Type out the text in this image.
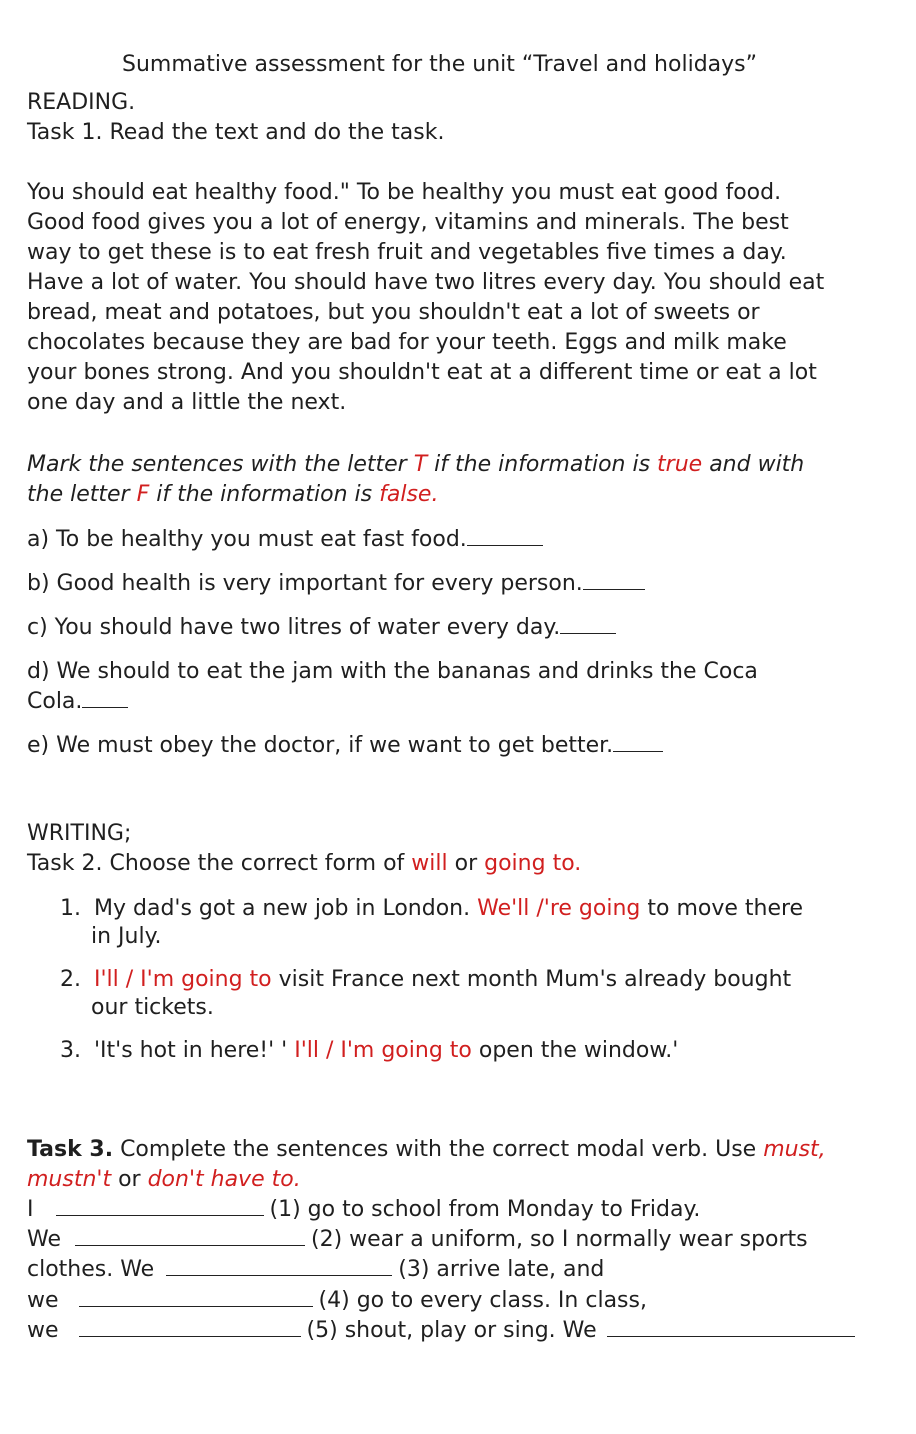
Summative assessment for the unit “Travel and holidays”
READING.
Task 1. Read the text and do the task.
You should eat healthy food." To be healthy you must eat good food.
Good food gives you a lot of energy, vitamins and minerals. The best
way to get these is to eat fresh fruit and vegetables five times a day.
Have a lot of water. You should have two litres every day. You should eat
bread, meat and potatoes, but you shouldn't eat a lot of sweets or
chocolates because they are bad for your teeth. Eggs and milk make
your bones strong. And you shouldn't eat at a different time or eat a lot
one day and a little the next.
Mark the sentences with the letter T if the information is true and with
the letter F if the information is false.
a) To be healthy you must eat fast food.
b) Good health is very important for every person.
c) You should have two litres of water every day.
d) We should to eat the jam with the bananas and drinks the Coca
Cola.
e) We must obey the doctor, if we want to get better.
WRITING;
Task 2. Choose the correct form of will or going to.
1. My dad's got a new job in London. We'll /'re going to move there
in July.
2. I'll / I'm going to visit France next month Mum's already bought
our tickets.
3. 'It's hot in here!' ' I'll / I'm going to open the window.'
Task 3. Complete the sentences with the correct modal verb. Use must,
mustn't or don't have to.
I	(1) go to school from Monday to Friday.
We	(2) wear a uniform, so I normally wear sports
clothes. We	(3) arrive late, and
we	(4) go to every class. In class,
we	(5) shout, play or sing. We
